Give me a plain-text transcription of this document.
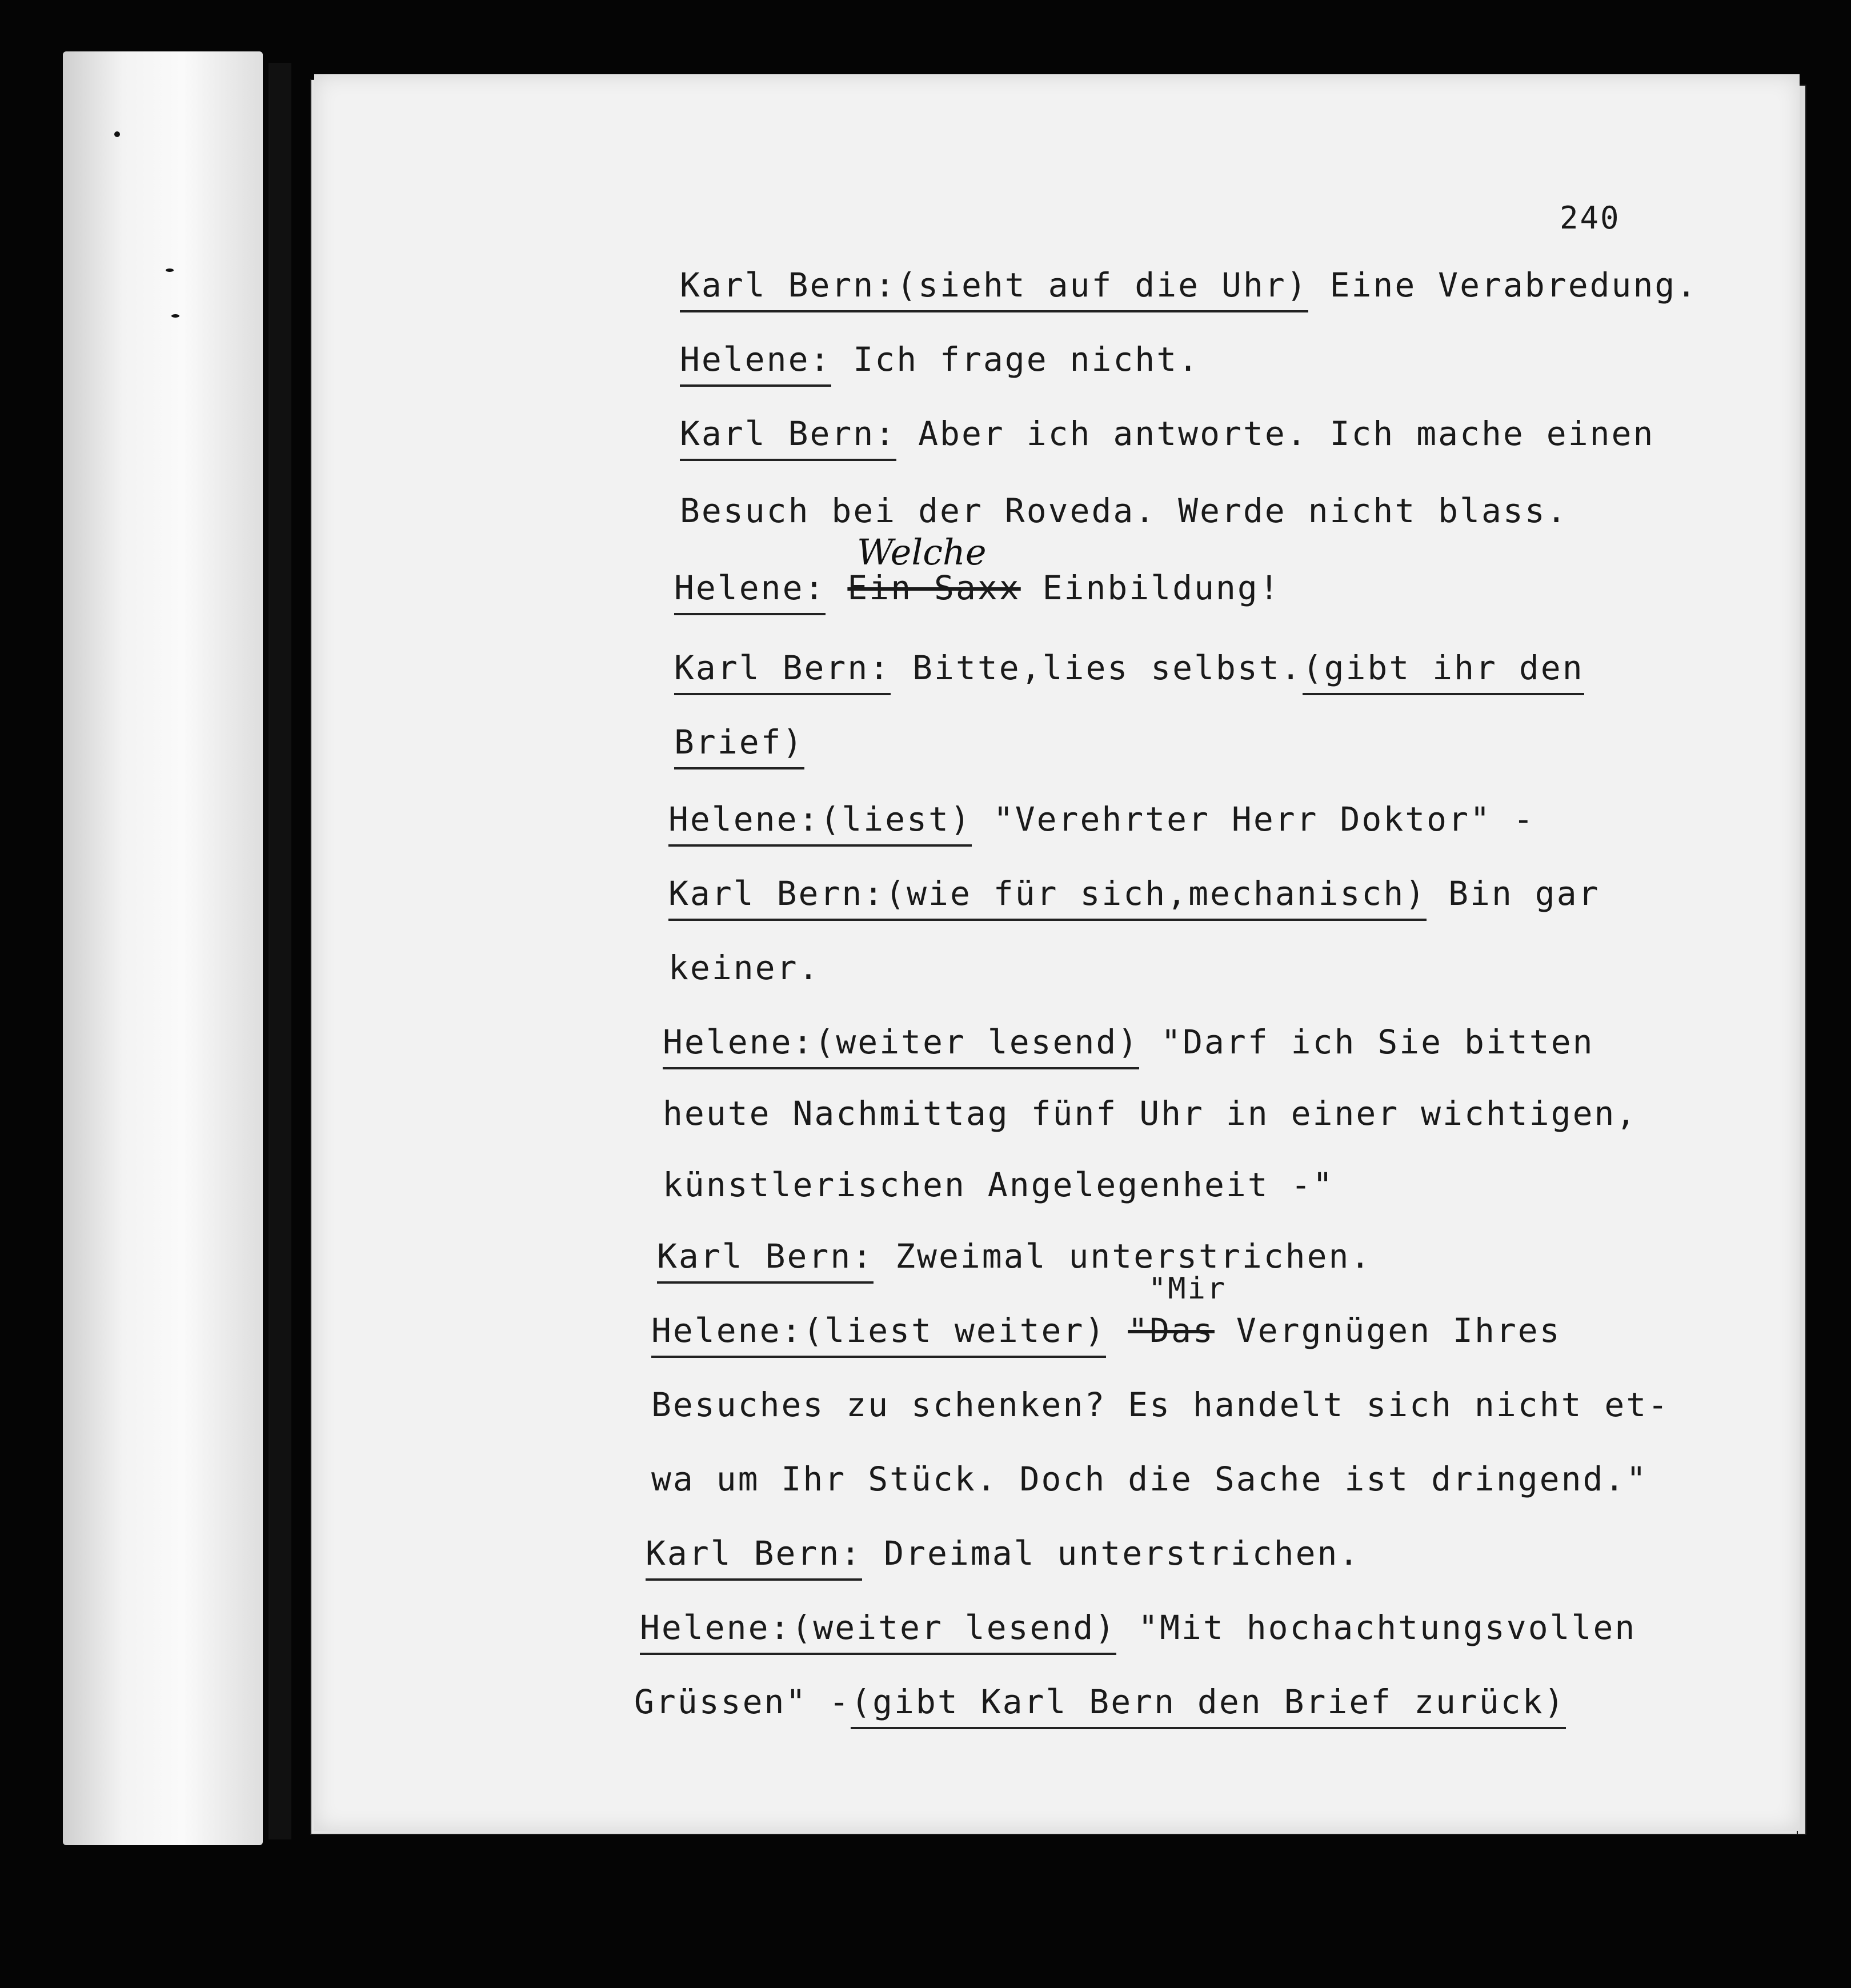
240
Karl Bern:(sieht auf die Uhr) Eine Verabredung.
Helene: Ich frage nicht.
Karl Bern: Aber ich antworte. Ich mache einen
Besuch bei der Roveda. Werde nicht blass.
Helene: Ein Saxx Einbildung!
Welche
Karl Bern: Bitte,lies selbst.(gibt ihr den
Brief)
Helene:(liest) "Verehrter Herr Doktor" -
Karl Bern:(wie für sich,mechanisch) Bin gar
keiner.
Helene:(weiter lesend) "Darf ich Sie bitten
heute Nachmittag fünf Uhr in einer wichtigen,
künstlerischen Angelegenheit -"
Karl Bern: Zweimal unterstrichen.
Helene:(liest weiter) "Das Vergnügen Ihres
"Mir
Besuches zu schenken? Es handelt sich nicht et-
wa um Ihr Stück. Doch die Sache ist dringend."
Karl Bern: Dreimal unterstrichen.
Helene:(weiter lesend) "Mit hochachtungsvollen
Grüssen" -(gibt Karl Bern den Brief zurück)
